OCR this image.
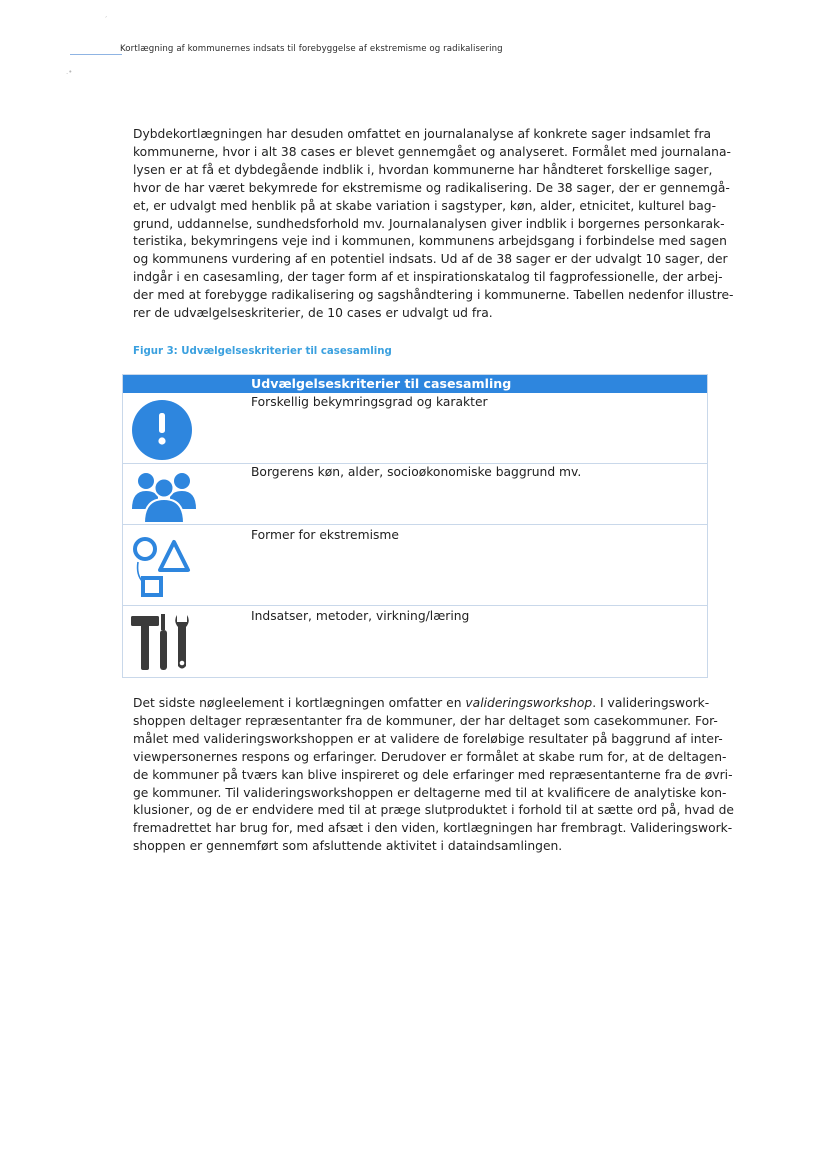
´
.•
Kortlægning af kommunernes indsats til forebyggelse af ekstremisme og radikalisering
Dybdekortlægningen har desuden omfattet en journalanalyse af konkrete sager indsamlet fra
kommunerne, hvor i alt 38 cases er blevet gennemgået og analyseret. Formålet med journalana-
lysen er at få et dybdegående indblik i, hvordan kommunerne har håndteret forskellige sager,
hvor de har været bekymrede for ekstremisme og radikalisering. De 38 sager, der er gennemgå-
et, er udvalgt med henblik på at skabe variation i sagstyper, køn, alder, etnicitet, kulturel bag-
grund, uddannelse, sundhedsforhold mv. Journalanalysen giver indblik i borgernes personkarak-
teristika, bekymringens veje ind i kommunen, kommunens arbejdsgang i forbindelse med sagen
og kommunens vurdering af en potentiel indsats. Ud af de 38 sager er der udvalgt 10 sager, der
indgår i en casesamling, der tager form af et inspirationskatalog til fagprofessionelle, der arbej-
der med at forebygge radikalisering og sagshåndtering i kommunerne. Tabellen nedenfor illustre-
rer de udvælgelseskriterier, de 10 cases er udvalgt ud fra.
Figur 3: Udvælgelseskriterier til casesamling
Udvælgelseskriterier til casesamling
Forskellig bekymringsgrad og karakter
Borgerens køn, alder, socioøkonomiske baggrund mv.
Former for ekstremisme
Indsatser, metoder, virkning/læring
Det sidste nøgleelement i kortlægningen omfatter en valideringsworkshop. I valideringswork-
shoppen deltager repræsentanter fra de kommuner, der har deltaget som casekommuner. For-
målet med valideringsworkshoppen er at validere de foreløbige resultater på baggrund af inter-
viewpersonernes respons og erfaringer. Derudover er formålet at skabe rum for, at de deltagen-
de kommuner på tværs kan blive inspireret og dele erfaringer med repræsentanterne fra de øvri-
ge kommuner. Til valideringsworkshoppen er deltagerne med til at kvalificere de analytiske kon-
klusioner, og de er endvidere med til at præge slutproduktet i forhold til at sætte ord på, hvad de
fremadrettet har brug for, med afsæt i den viden, kortlægningen har frembragt. Valideringswork-
shoppen er gennemført som afsluttende aktivitet i dataindsamlingen.
